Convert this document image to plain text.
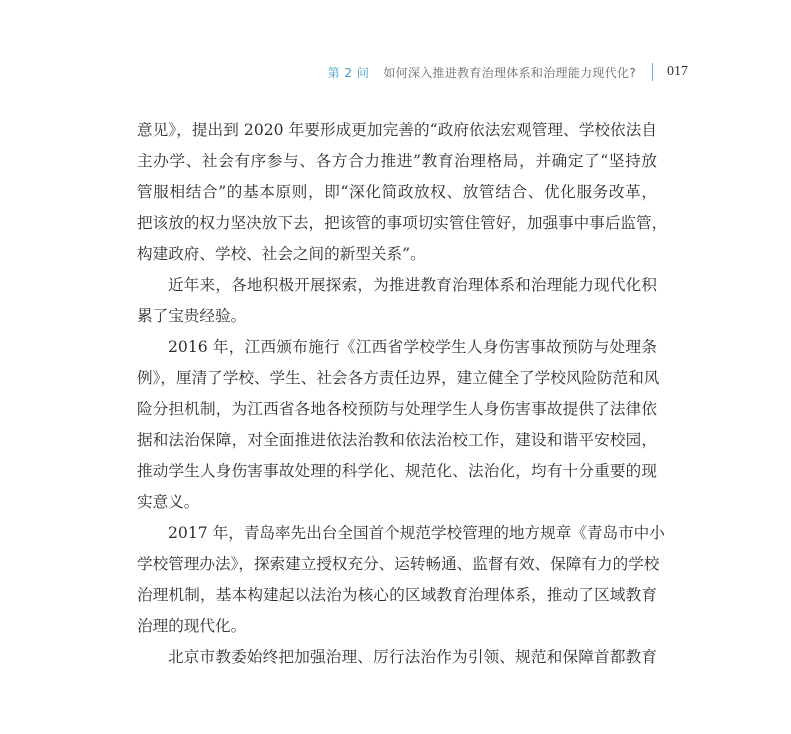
第 2 问 如何深入推进教育治理体系和治理能力现代化? 017
意见》，提出到 2020 年要形成更加完善的“政府依法宏观管理、学校依法自
主办学、社会有序参与、各方合力推进”教育治理格局，并确定了“坚持放
管服相结合”的基本原则，即“深化简政放权、放管结合、优化服务改革，
把该放的权力坚决放下去，把该管的事项切实管住管好，加强事中事后监管，
构建政府、学校、社会之间的新型关系”。
近年来，各地积极开展探索，为推进教育治理体系和治理能力现代化积
累了宝贵经验。
2016 年，江西颁布施行《江西省学校学生人身伤害事故预防与处理条
例》，厘清了学校、学生、社会各方责任边界，建立健全了学校风险防范和风
险分担机制，为江西省各地各校预防与处理学生人身伤害事故提供了法律依
据和法治保障，对全面推进依法治教和依法治校工作，建设和谐平安校园，
推动学生人身伤害事故处理的科学化、规范化、法治化，均有十分重要的现
实意义。
2017 年，青岛率先出台全国首个规范学校管理的地方规章《青岛市中小
学校管理办法》，探索建立授权充分、运转畅通、监督有效、保障有力的学校
治理机制，基本构建起以法治为核心的区域教育治理体系，推动了区域教育
治理的现代化。
北京市教委始终把加强治理、厉行法治作为引领、规范和保障首都教育
